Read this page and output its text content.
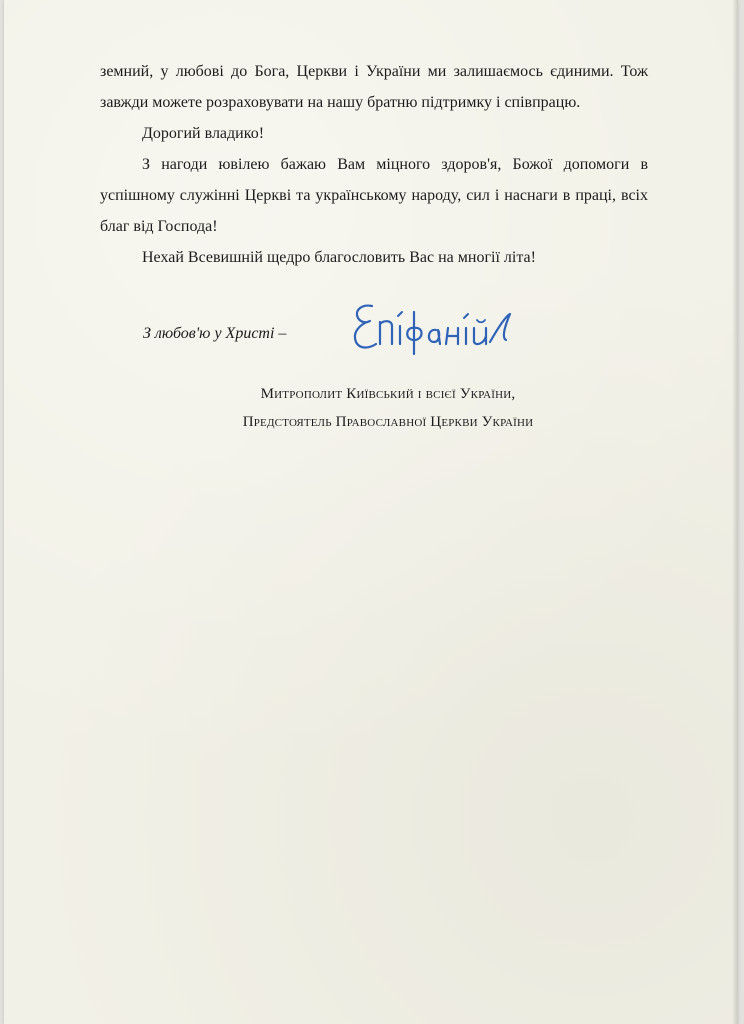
земний, у любові до Бога, Церкви і України ми залишаємось єдиними. Тож завжди можете розраховувати на нашу братню підтримку і співпрацю.

Дорогий владико!

З нагоди ювілею бажаю Вам міцного здоров'я, Божої допомоги в успішному служінні Церкві та українському народу, сил і наснаги в праці, всіх благ від Господа!

Нехай Всевишній щедро благословить Вас на многії літа!

З любов'ю у Христі –
Митрополит Київський і всієї України,
Предстоятель Православної Церкви України
